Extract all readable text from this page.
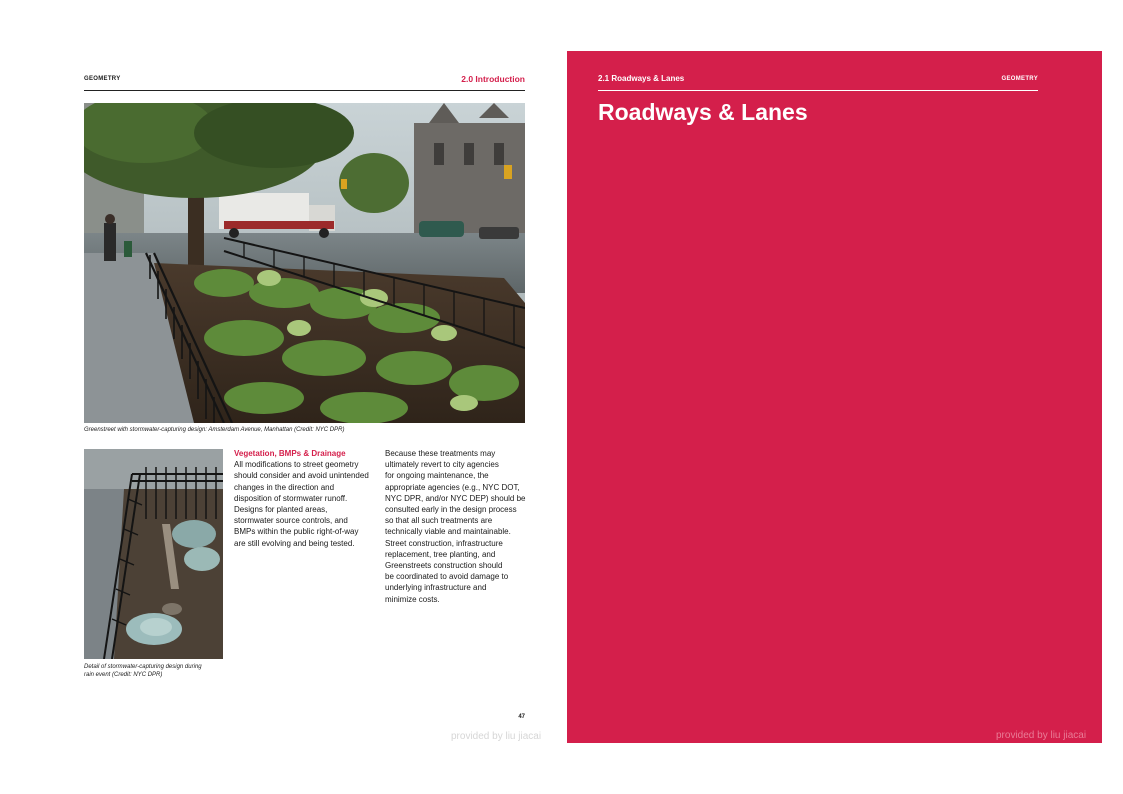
GEOMETRY	2.0 Introduction
Greenstreet with stormwater-capturing design: Amsterdam Avenue, Manhattan (Credit: NYC DPR)
Detail of stormwater-capturing design during
rain event (Credit: NYC DPR)
Vegetation, BMPs & Drainage
All modifications to street geometry
should consider and avoid unintended
changes in the direction and
disposition of stormwater runoff.
Designs for planted areas,
stormwater source controls, and
BMPs within the public right-of-way
are still evolving and being tested.
Because these treatments may
ultimately revert to city agencies
for ongoing maintenance, the
appropriate agencies (e.g., NYC DOT,
NYC DPR, and/or NYC DEP) should be
consulted early in the design process
so that all such treatments are
technically viable and maintainable.
Street construction, infrastructure
replacement, tree planting, and
Greenstreets construction should
be coordinated to avoid damage to
underlying infrastructure and
minimize costs.
47
provided by liu jiacai
2.1 Roadways & Lanes	GEOMETRY
Roadways & Lanes
provided by liu jiacai
